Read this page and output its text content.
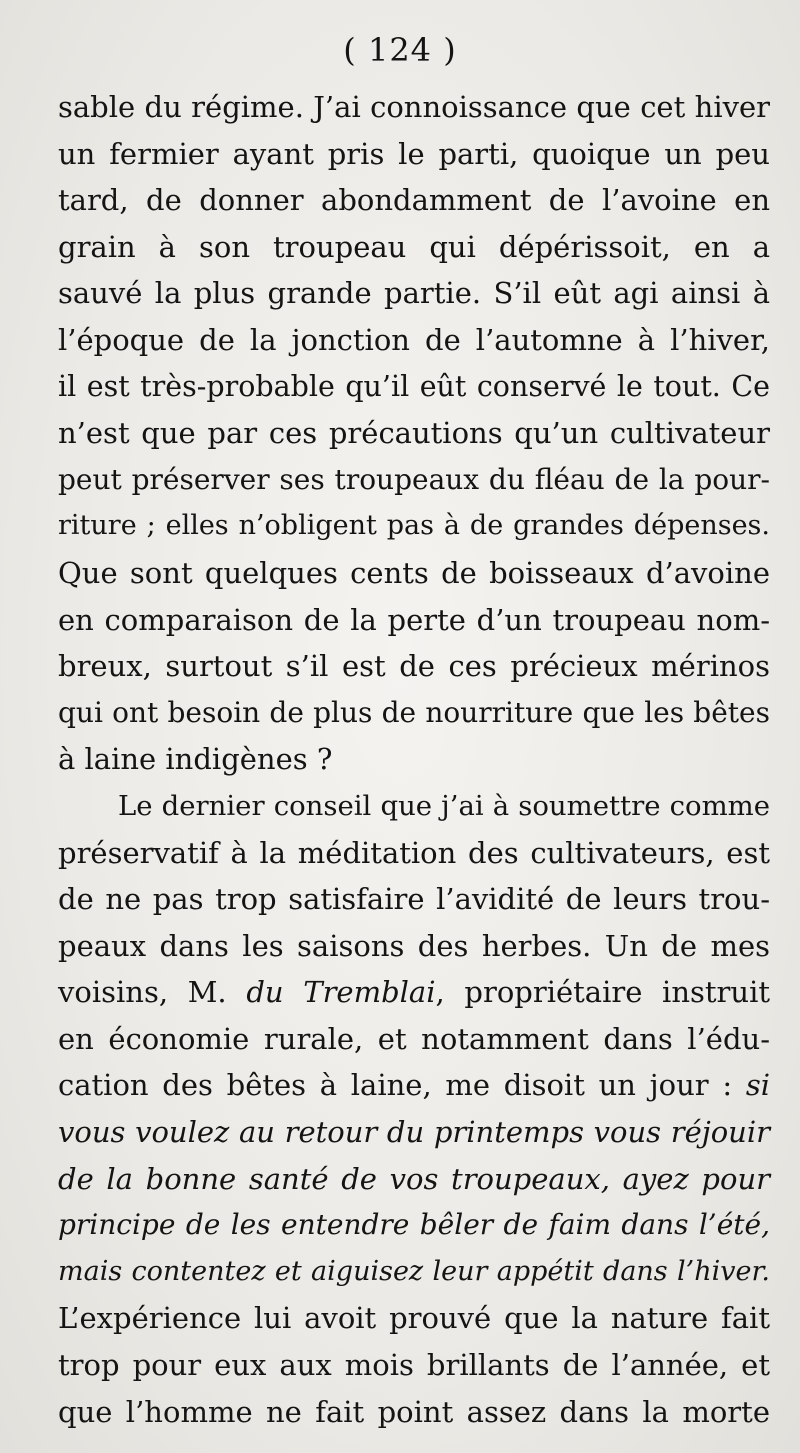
( 124 )
sable du régime. J’ai connoissance que cet hiver
un fermier ayant pris le parti, quoique un peu
tard, de donner abondamment de l’avoine en
grain à son troupeau qui dépérissoit, en a
sauvé la plus grande partie. S’il eût agi ainsi à
l’époque de la jonction de l’automne à l’hiver,
il est très-probable qu’il eût conservé le tout. Ce
n’est que par ces précautions qu’un cultivateur
peut préserver ses troupeaux du fléau de la pour-
riture ; elles n’obligent pas à de grandes dépenses.
Que sont quelques cents de boisseaux d’avoine
en comparaison de la perte d’un troupeau nom-
breux, surtout s’il est de ces précieux mérinos
qui ont besoin de plus de nourriture que les bêtes
à laine indigènes ?
Le dernier conseil que j’ai à soumettre comme
préservatif à la méditation des cultivateurs, est
de ne pas trop satisfaire l’avidité de leurs trou-
peaux dans les saisons des herbes. Un de mes
voisins, M. du Tremblai, propriétaire instruit
en économie rurale, et notamment dans l’édu-
cation des bêtes à laine, me disoit un jour : si
vous voulez au retour du printemps vous réjouir
de la bonne santé de vos troupeaux, ayez pour
principe de les entendre bêler de faim dans l’été,
mais contentez et aiguisez leur appétit dans l’hiver.
L’expérience lui avoit prouvé que la nature fait
trop pour eux aux mois brillants de l’année, et
que l’homme ne fait point assez dans la morte
